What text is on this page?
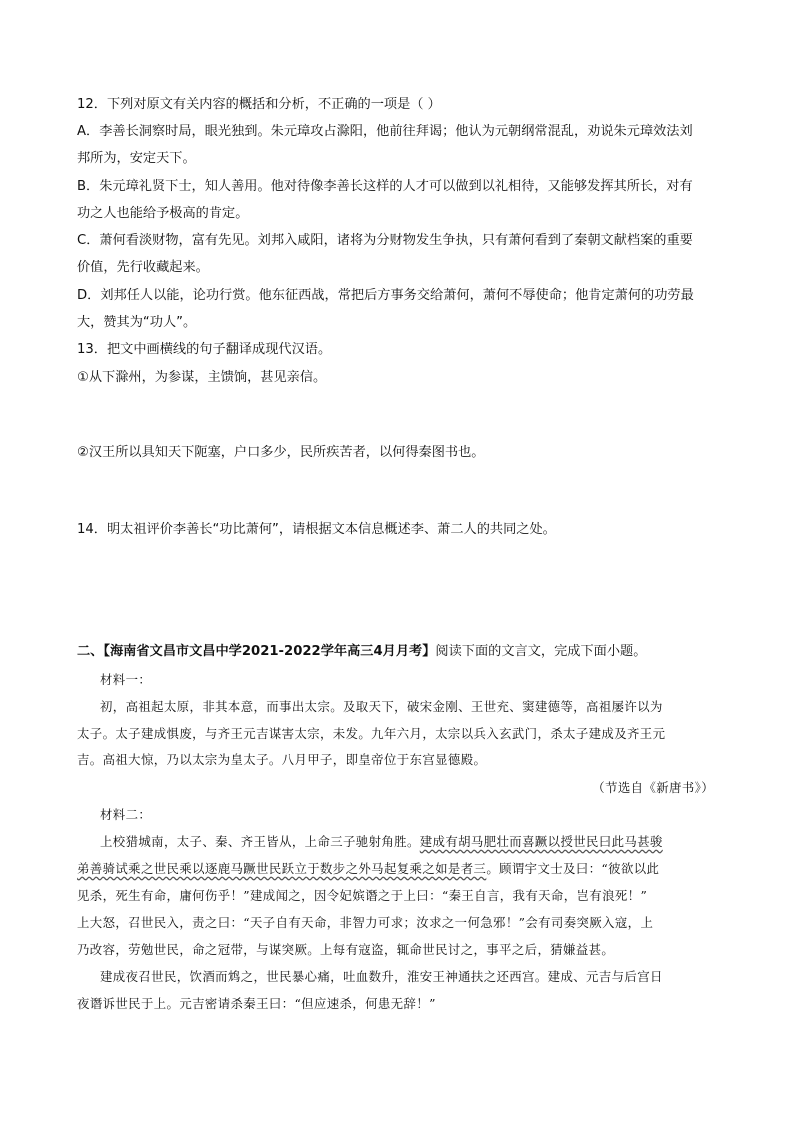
12．下列对原文有关内容的概括和分析，不正确的一项是（ ）
A．李善长洞察时局，眼光独到。朱元璋攻占滁阳，他前往拜谒；他认为元朝纲常混乱，劝说朱元璋效法刘
邦所为，安定天下。
B．朱元璋礼贤下士，知人善用。他对待像李善长这样的人才可以做到以礼相待，又能够发挥其所长，对有
功之人也能给予极高的肯定。
C．萧何看淡财物，富有先见。刘邦入咸阳，诸将为分财物发生争执，只有萧何看到了秦朝文献档案的重要
价值，先行收藏起来。
D．刘邦任人以能，论功行赏。他东征西战，常把后方事务交给萧何，萧何不辱使命；他肯定萧何的功劳最
大，赞其为“功人”。
13．把文中画横线的句子翻译成现代汉语。
①从下滁州，为参谋，主馈饷，甚见亲信。
②汉王所以具知天下阨塞，户口多少，民所疾苦者，以何得秦图书也。
14．明太祖评价李善长“功比萧何”，请根据文本信息概述李、萧二人的共同之处。
二、【海南省文昌市文昌中学2021-2022学年高三4月月考】阅读下面的文言文，完成下面小题。
材料一：
初，高祖起太原，非其本意，而事出太宗。及取天下，破宋金刚、王世充、窦建德等，高祖屡许以为
太子。太子建成惧废，与齐王元吉谋害太宗，未发。九年六月，太宗以兵入玄武门，杀太子建成及齐王元
吉。高祖大惊，乃以太宗为皇太子。八月甲子，即皇帝位于东宫显德殿。
（节选自《新唐书》）
材料二：
上校猎城南，太子、秦、齐王皆从，上命三子驰射角胜。建成有胡马肥壮而喜蹶以授世民曰此马甚骏
弟善骑试乘之世民乘以逐鹿马蹶世民跃立于数步之外马起复乘之如是者三。顾谓宇文士及曰：“彼欲以此
见杀，死生有命，庸何伤乎！”建成闻之，因令妃嫔谮之于上曰：“秦王自言，我有天命，岂有浪死！”
上大怒，召世民入，责之曰：“天子自有天命，非智力可求；汝求之一何急邪！”会有司奏突厥入寇，上
乃改容，劳勉世民，命之冠带，与谋突厥。上每有寇盗，辄命世民讨之，事平之后，猜嫌益甚。
建成夜召世民，饮酒而鸩之，世民暴心痛，吐血数升，淮安王神通扶之还西宫。建成、元吉与后宫日
夜谮诉世民于上。元吉密请杀秦王曰：“但应速杀，何患无辞！”
